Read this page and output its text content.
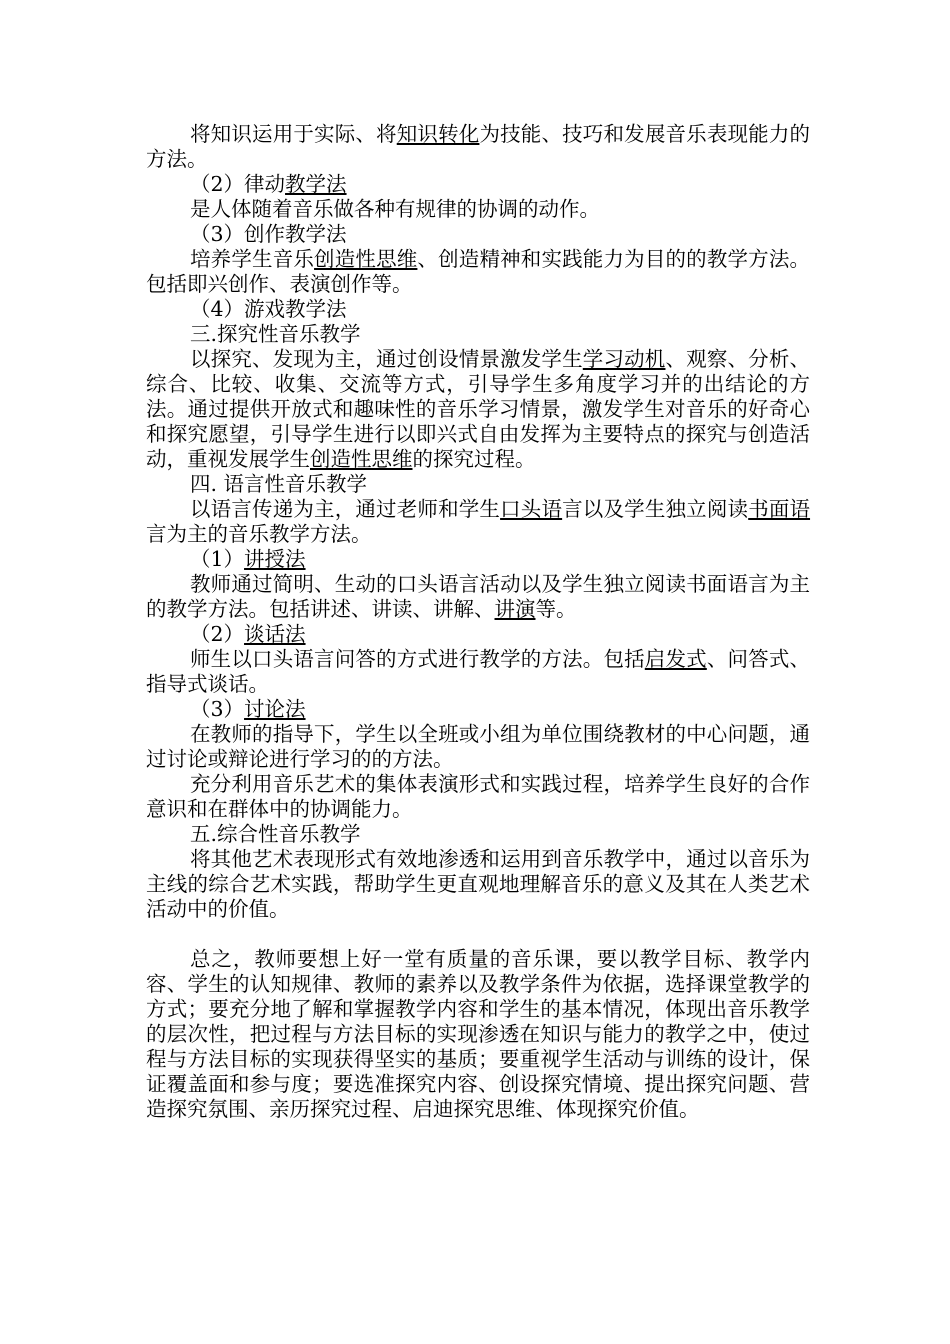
将知识运用于实际、将知识转化为技能、技巧和发展音乐表现能力的方法。

（2）律动教学法

是人体随着音乐做各种有规律的协调的动作。

（3）创作教学法

培养学生音乐创造性思维、创造精神和实践能力为目的的教学方法。包括即兴创作、表演创作等。

（4）游戏教学法

三.探究性音乐教学

以探究、发现为主，通过创设情景激发学生学习动机、观察、分析、综合、比较、收集、交流等方式，引导学生多角度学习并的出结论的方法。通过提供开放式和趣味性的音乐学习情景，激发学生对音乐的好奇心和探究愿望，引导学生进行以即兴式自由发挥为主要特点的探究与创造活动，重视发展学生创造性思维的探究过程。

四. 语言性音乐教学

以语言传递为主，通过老师和学生口头语言以及学生独立阅读书面语言为主的音乐教学方法。

（1）讲授法

教师通过简明、生动的口头语言活动以及学生独立阅读书面语言为主的教学方法。包括讲述、讲读、讲解、讲演等。

（2）谈话法

师生以口头语言问答的方式进行教学的方法。包括启发式、问答式、指导式谈话。

（3）讨论法

在教师的指导下，学生以全班或小组为单位围绕教材的中心问题，通过讨论或辩论进行学习的的方法。

充分利用音乐艺术的集体表演形式和实践过程，培养学生良好的合作意识和在群体中的协调能力。

五.综合性音乐教学

将其他艺术表现形式有效地渗透和运用到音乐教学中，通过以音乐为主线的综合艺术实践，帮助学生更直观地理解音乐的意义及其在人类艺术活动中的价值。

总之，教师要想上好一堂有质量的音乐课，要以教学目标、教学内容、学生的认知规律、教师的素养以及教学条件为依据，选择课堂教学的方式；要充分地了解和掌握教学内容和学生的基本情况，体现出音乐教学的层次性，把过程与方法目标的实现渗透在知识与能力的教学之中，使过程与方法目标的实现获得坚实的基质；要重视学生活动与训练的设计，保证覆盖面和参与度；要选准探究内容、创设探究情境、提出探究问题、营造探究氛围、亲历探究过程、启迪探究思维、体现探究价值。
